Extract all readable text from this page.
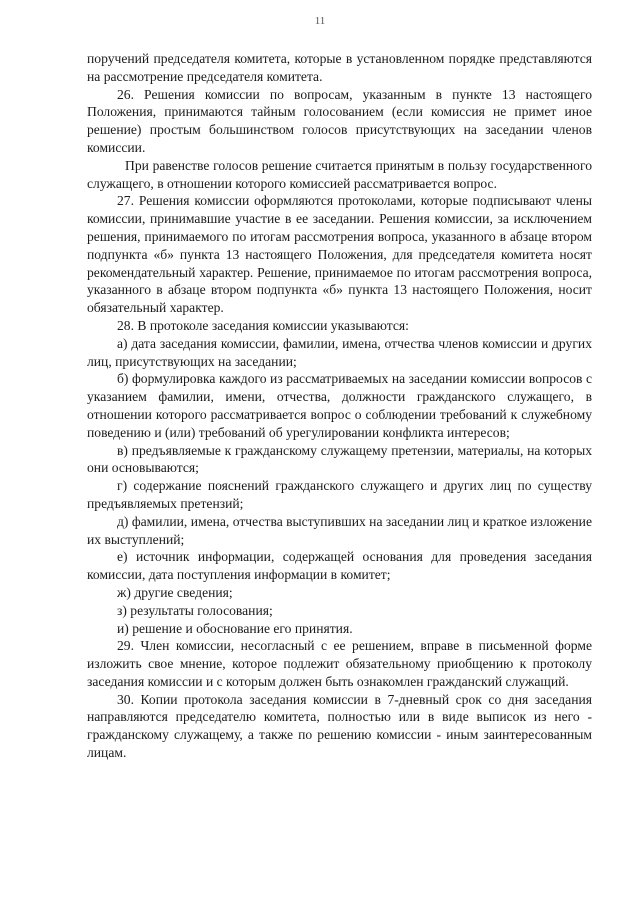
11

поручений председателя комитета, которые в установленном порядке представляются на рассмотрение председателя комитета.

26. Решения комиссии по вопросам, указанным в пункте 13 настоящего Положения, принимаются тайным голосованием (если комиссия не примет иное решение) простым большинством голосов присутствующих на заседании членов комиссии.

При равенстве голосов решение считается принятым в пользу государственного служащего, в отношении которого комиссией рассматривается вопрос.

27. Решения комиссии оформляются протоколами, которые подписывают члены комиссии, принимавшие участие в ее заседании. Решения комиссии, за исключением решения, принимаемого по итогам рассмотрения вопроса, указанного в абзаце втором подпункта «б» пункта 13 настоящего Положения, для председателя комитета носят рекомендательный характер. Решение, принимаемое по итогам рассмотрения вопроса, указанного в абзаце втором подпункта «б» пункта 13 настоящего Положения, носит обязательный характер.

28. В протоколе заседания комиссии указываются:

а) дата заседания комиссии, фамилии, имена, отчества членов комиссии и других лиц, присутствующих на заседании;

б) формулировка каждого из рассматриваемых на заседании комиссии вопросов с указанием фамилии, имени, отчества, должности гражданского служащего, в отношении которого рассматривается вопрос о соблюдении требований к служебному поведению и (или) требований об урегулировании конфликта интересов;

в) предъявляемые к гражданскому служащему претензии, материалы, на которых они основываются;

г) содержание пояснений гражданского служащего и других лиц по существу предъявляемых претензий;

д) фамилии, имена, отчества выступивших на заседании лиц и краткое изложение их выступлений;

е) источник информации, содержащей основания для проведения заседания комиссии, дата поступления информации в комитет;

ж) другие сведения;

з) результаты голосования;

и) решение и обоснование его принятия.

29. Член комиссии, несогласный с ее решением, вправе в письменной форме изложить свое мнение, которое подлежит обязательному приобщению к протоколу заседания комиссии и с которым должен быть ознакомлен гражданский служащий.

30. Копии протокола заседания комиссии в 7-дневный срок со дня заседания направляются председателю комитета, полностью или в виде выписок из него - гражданскому служащему, а также по решению комиссии - иным заинтересованным лицам.
